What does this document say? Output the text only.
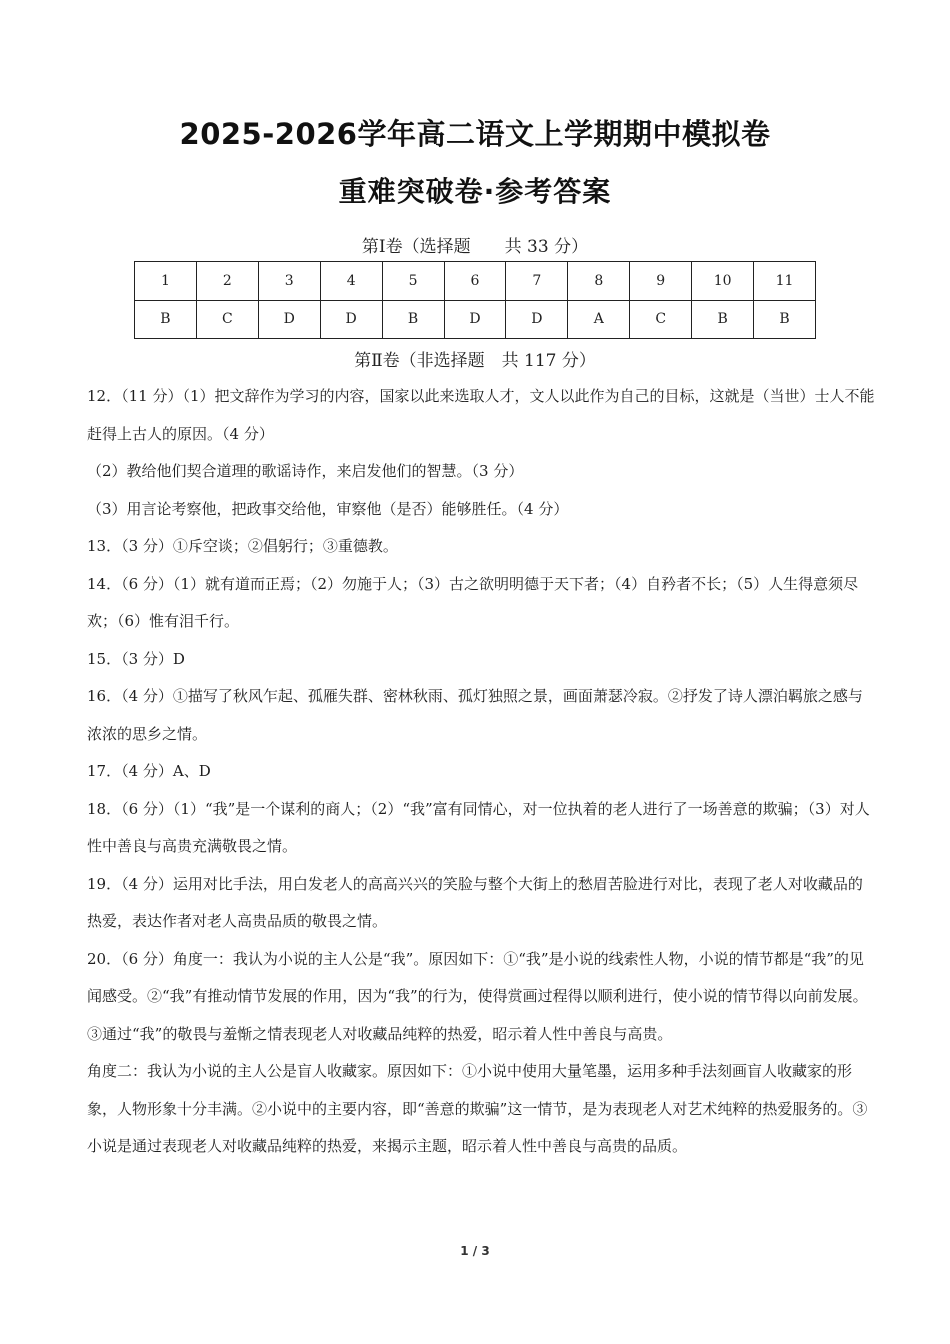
2025-2026学年高二语文上学期期中模拟卷
重难突破卷·参考答案
第Ⅰ卷（选择题　　共 33 分）
1	2	3	4	5	6	7	8	9	10	11
B	C	D	D	B	D	D	A	C	B	B
第Ⅱ卷（非选择题　共 117 分）

12．（11 分）（1）把文辞作为学习的内容，国家以此来选取人才，文人以此作为自己的目标，这就是（当世）士人不能赶得上古人的原因。（4 分）

（2）教给他们契合道理的歌谣诗作，来启发他们的智慧。（3 分）

（3）用言论考察他，把政事交给他，审察他（是否）能够胜任。（4 分）

13．（3 分）①斥空谈；②倡躬行；③重德教。

14．（6 分）（1）就有道而正焉；（2）勿施于人；（3）古之欲明明德于天下者；（4）自矜者不长；（5）人生得意须尽欢；（6）惟有泪千行。

15．（3 分）D

16．（4 分）①描写了秋风乍起、孤雁失群、密林秋雨、孤灯独照之景，画面萧瑟冷寂。②抒发了诗人漂泊羁旅之感与浓浓的思乡之情。

17．（4 分）A、D

18．（6 分）（1）“我”是一个谋利的商人；（2）“我”富有同情心，对一位执着的老人进行了一场善意的欺骗；（3）对人性中善良与高贵充满敬畏之情。

19．（4 分）运用对比手法，用白发老人的高高兴兴的笑脸与整个大街上的愁眉苦脸进行对比，表现了老人对收藏品的热爱，表达作者对老人高贵品质的敬畏之情。

20．（6 分）角度一：我认为小说的主人公是“我”。原因如下：①“我”是小说的线索性人物，小说的情节都是“我”的见闻感受。②“我”有推动情节发展的作用，因为“我”的行为，使得赏画过程得以顺利进行，使小说的情节得以向前发展。③通过“我”的敬畏与羞惭之情表现老人对收藏品纯粹的热爱，昭示着人性中善良与高贵。

角度二：我认为小说的主人公是盲人收藏家。原因如下：①小说中使用大量笔墨，运用多种手法刻画盲人收藏家的形象，人物形象十分丰满。②小说中的主要内容，即“善意的欺骗”这一情节，是为表现老人对艺术纯粹的热爱服务的。③小说是通过表现老人对收藏品纯粹的热爱，来揭示主题，昭示着人性中善良与高贵的品质。

1 / 3
